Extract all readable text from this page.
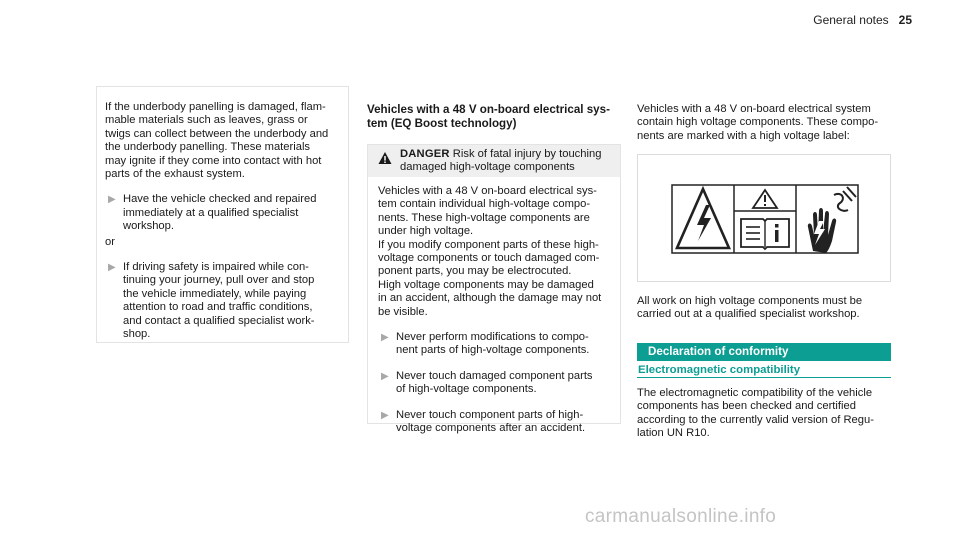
General notes 25

If the underbody panelling is damaged, flam-
mable materials such as leaves, grass or
twigs can collect between the underbody and
the underbody panelling. These materials
may ignite if they come into contact with hot
parts of the exhaust system.

▶ Have the vehicle checked and repaired
immediately at a qualified specialist
workshop.

or

▶ If driving safety is impaired while con-
tinuing your journey, pull over and stop
the vehicle immediately, while paying
attention to road and traffic conditions,
and contact a qualified specialist work-
shop.
Vehicles with a 48 V on-board electrical sys-
tem (EQ Boost technology)
DANGER Risk of fatal injury by touching
damaged high-voltage components

Vehicles with a 48 V on-board electrical sys-
tem contain individual high-voltage compo-
nents. These high-voltage components are
under high voltage.

If you modify component parts of these high-
voltage components or touch damaged com-
ponent parts, you may be electrocuted.

High voltage components may be damaged
in an accident, although the damage may not
be visible.

▶ Never perform modifications to compo-
nent parts of high-voltage components.
▶ Never touch damaged component parts
of high-voltage components.
▶ Never touch component parts of high-
voltage components after an accident.
Vehicles with a 48 V on-board electrical system
contain high voltage components. These compo-
nents are marked with a high voltage label:
All work on high voltage components must be
carried out at a qualified specialist workshop.
Declaration of conformity
Electromagnetic compatibility
The electromagnetic compatibility of the vehicle
components has been checked and certified
according to the currently valid version of Regu-
lation UN R10.
carmanualsonline.info
